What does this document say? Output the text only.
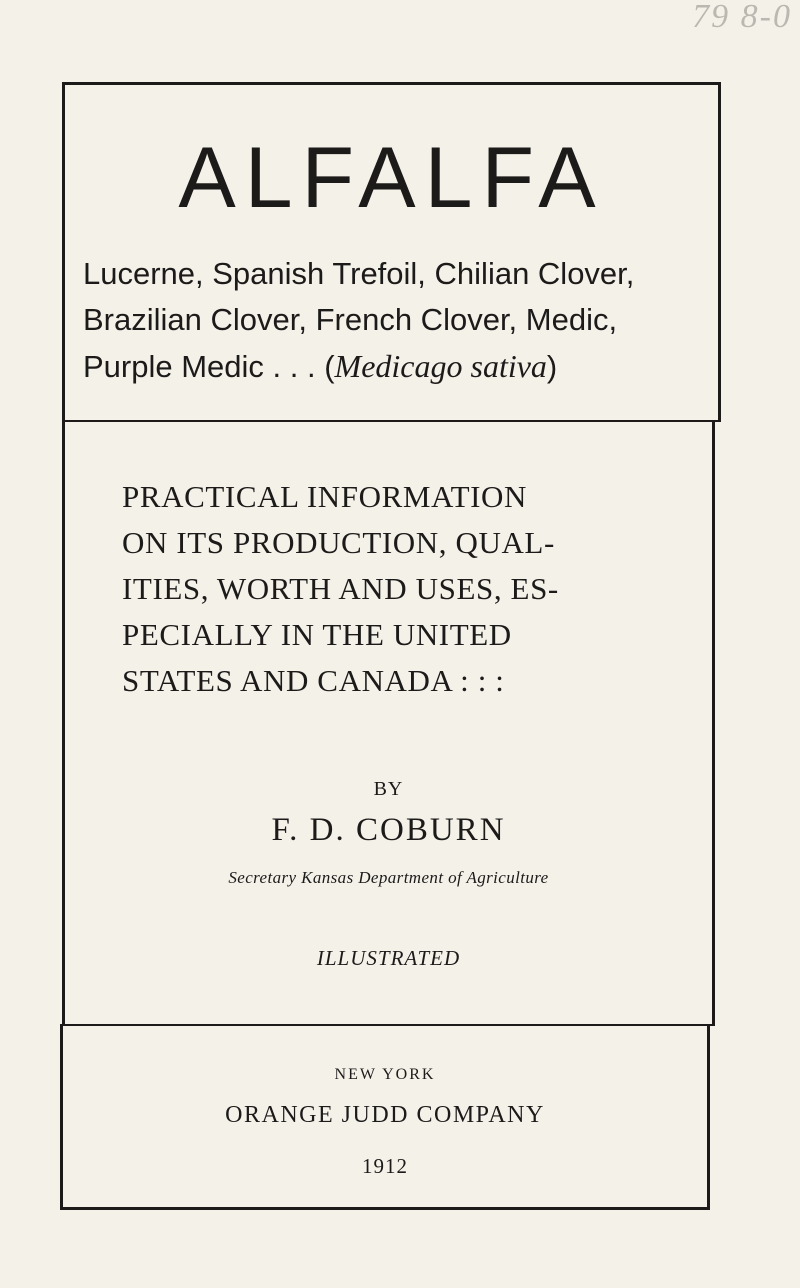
79 8-0
ALFALFA
Lucerne, Spanish Trefoil, Chilian Clover,
Brazilian Clover, French Clover, Medic,
Purple Medic . . . (Medicago sativa)
PRACTICAL INFORMATION
ON ITS PRODUCTION, QUAL-
ITIES, WORTH AND USES, ES-
PECIALLY IN THE UNITED
STATES AND CANADA : : :
BY
F. D. COBURN
Secretary Kansas Department of Agriculture
ILLUSTRATED
NEW YORK
ORANGE JUDD COMPANY
1912
